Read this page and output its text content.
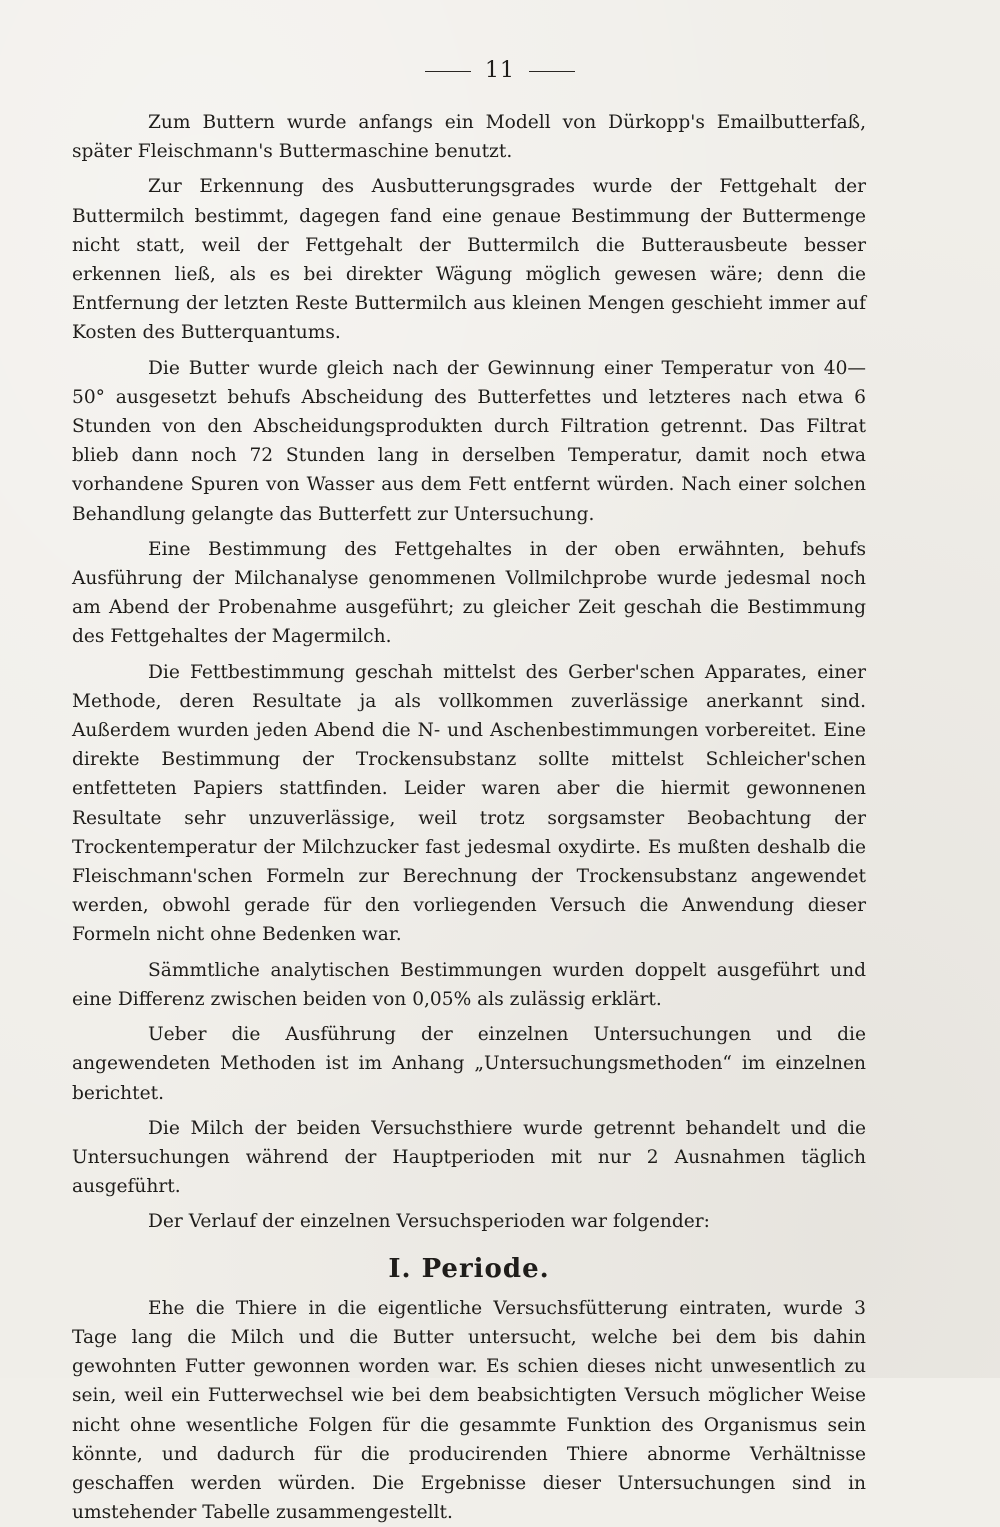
11

Zum Buttern wurde anfangs ein Modell von Dürkopp's Emailbutterfaß, später Fleischmann's Buttermaschine benutzt.

Zur Erkennung des Ausbutterungsgrades wurde der Fettgehalt der Buttermilch bestimmt, dagegen fand eine genaue Bestimmung der Buttermenge nicht statt, weil der Fettgehalt der Buttermilch die Butterausbeute besser erkennen ließ, als es bei direkter Wägung möglich gewesen wäre; denn die Entfernung der letzten Reste Buttermilch aus kleinen Mengen geschieht immer auf Kosten des Butterquantums.

Die Butter wurde gleich nach der Gewinnung einer Temperatur von 40—50° ausgesetzt behufs Abscheidung des Butterfettes und letzteres nach etwa 6 Stunden von den Abscheidungsprodukten durch Filtration getrennt. Das Filtrat blieb dann noch 72 Stunden lang in derselben Temperatur, damit noch etwa vorhandene Spuren von Wasser aus dem Fett entfernt würden. Nach einer solchen Behandlung gelangte das Butterfett zur Untersuchung.

Eine Bestimmung des Fettgehaltes in der oben erwähnten, behufs Ausführung der Milchanalyse genommenen Vollmilchprobe wurde jedesmal noch am Abend der Probenahme ausgeführt; zu gleicher Zeit geschah die Bestimmung des Fettgehaltes der Magermilch.

Die Fettbestimmung geschah mittelst des Gerber'schen Apparates, einer Methode, deren Resultate ja als vollkommen zuverlässige anerkannt sind. Außerdem wurden jeden Abend die N- und Aschenbestimmungen vorbereitet. Eine direkte Bestimmung der Trockensubstanz sollte mittelst Schleicher'schen entfetteten Papiers stattfinden. Leider waren aber die hiermit gewonnenen Resultate sehr unzuverlässige, weil trotz sorgsamster Beobachtung der Trockentemperatur der Milchzucker fast jedesmal oxydirte. Es mußten deshalb die Fleischmann'schen Formeln zur Berechnung der Trockensubstanz angewendet werden, obwohl gerade für den vorliegenden Versuch die Anwendung dieser Formeln nicht ohne Bedenken war.

Sämmtliche analytischen Bestimmungen wurden doppelt ausgeführt und eine Differenz zwischen beiden von 0,05% als zulässig erklärt.

Ueber die Ausführung der einzelnen Untersuchungen und die angewendeten Methoden ist im Anhang „Untersuchungsmethoden“ im einzelnen berichtet.

Die Milch der beiden Versuchsthiere wurde getrennt behandelt und die Untersuchungen während der Hauptperioden mit nur 2 Ausnahmen täglich ausgeführt.

Der Verlauf der einzelnen Versuchsperioden war folgender:

I. Periode.

Ehe die Thiere in die eigentliche Versuchsfütterung eintraten, wurde 3 Tage lang die Milch und die Butter untersucht, welche bei dem bis dahin gewohnten Futter gewonnen worden war. Es schien dieses nicht unwesentlich zu sein, weil ein Futterwechsel wie bei dem beabsichtigten Versuch möglicher Weise nicht ohne wesentliche Folgen für die gesammte Funktion des Organismus sein könnte, und dadurch für die producirenden Thiere abnorme Verhältnisse geschaffen werden würden. Die Ergebnisse dieser Untersuchungen sind in umstehender Tabelle zusammengestellt.
